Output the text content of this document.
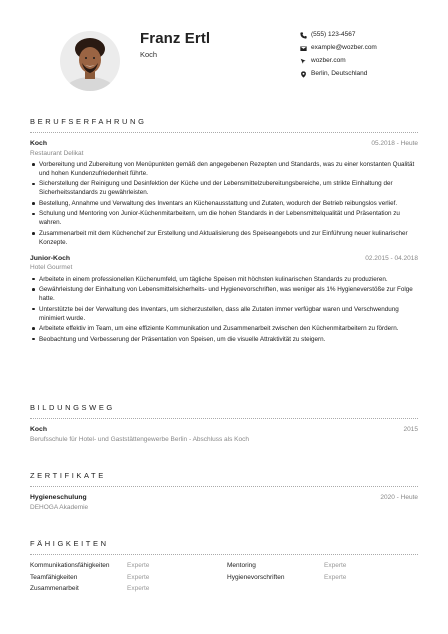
Franz Ertl
Koch
(555) 123-4567
example@wozber.com
wozber.com
Berlin, Deutschland
BERUFSERFAHRUNG
Koch	05.2018 - Heute
Restaurant Delikat
Vorbereitung und Zubereitung von Menüpunkten gemäß den angegebenen Rezepten und Standards, was zu einer konstanten Qualität und hohen Kundenzufriedenheit führte.
Sicherstellung der Reinigung und Desinfektion der Küche und der Lebensmittelzubereitungsbereiche, um strikte Einhaltung der Sicherheitsstandards zu gewährleisten.
Bestellung, Annahme und Verwaltung des Inventars an Küchenausstattung und Zutaten, wodurch der Betrieb reibungslos verlief.
Schulung und Mentoring von Junior-Küchenmitarbeitern, um die hohen Standards in der Lebensmittelqualität und Präsentation zu wahren.
Zusammenarbeit mit dem Küchenchef zur Erstellung und Aktualisierung des Speiseangebots und zur Einführung neuer kulinarischer Konzepte.
Junior-Koch	02.2015 - 04.2018
Hotel Gourmet
Arbeitete in einem professionellen Küchenumfeld, um tägliche Speisen mit höchsten kulinarischen Standards zu produzieren.
Gewährleistung der Einhaltung von Lebensmittelsicherheits- und Hygienevorschriften, was weniger als 1% Hygieneverstöße zur Folge hatte.
Unterstützte bei der Verwaltung des Inventars, um sicherzustellen, dass alle Zutaten immer verfügbar waren und Verschwendung minimiert wurde.
Arbeitete effektiv im Team, um eine effiziente Kommunikation und Zusammenarbeit zwischen den Küchenmitarbeitern zu fördern.
Beobachtung und Verbesserung der Präsentation von Speisen, um die visuelle Attraktivität zu steigern.
BILDUNGSWEG
Koch	2015
Berufsschule für Hotel- und Gaststättengewerbe Berlin - Abschluss als Koch
ZERTIFIKATE
Hygieneschulung	2020 - Heute
DEHOGA Akademie
FÄHIGKEITEN
Kommunikationsfähigkeiten	Experte	Mentoring	Experte
Teamfähigkeiten	Experte	Hygienevorschriften	Experte
Zusammenarbeit	Experte
